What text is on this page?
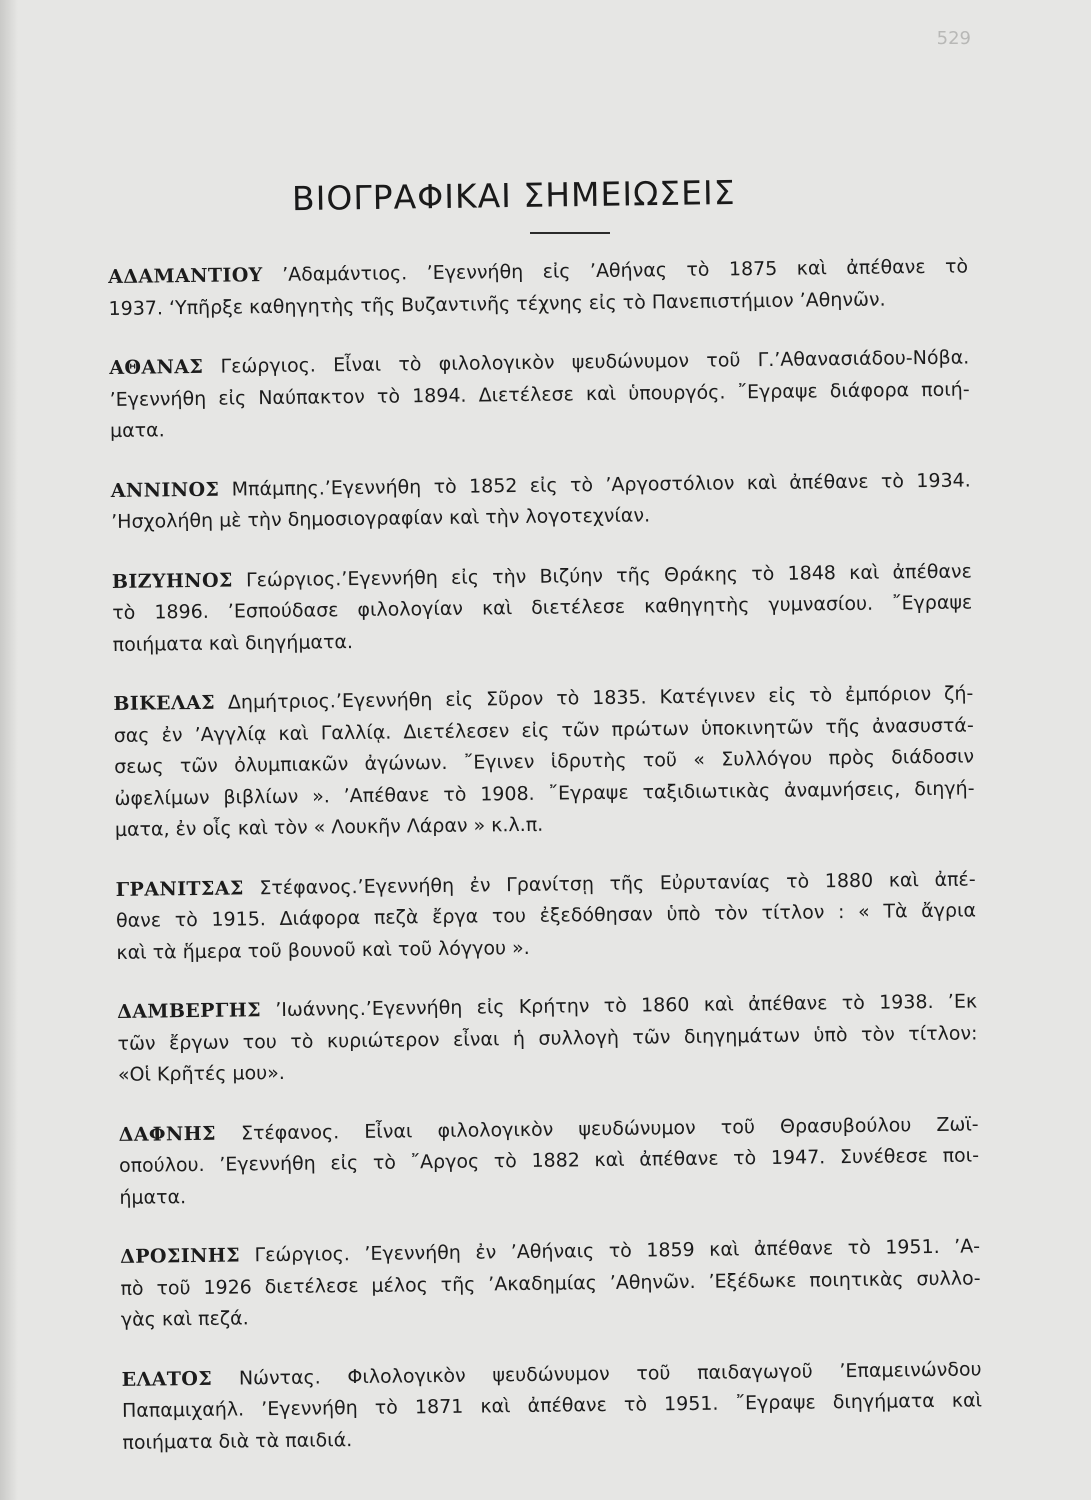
529
ΒΙΟΓΡΑΦΙΚΑΙ ΣΗΜΕΙΩΣΕΙΣ
ΑΔΑΜΑΝΤΙΟΥ ’Αδαμάντιος. ’Εγεννήθη εἰς ’Αθήνας τὸ 1875 καὶ ἀπέθανε τὸ
1937. ‘Υπῆρξε καθηγητὴς τῆς Βυζαντινῆς τέχνης εἰς τὸ Πανεπιστήμιον ’Αθηνῶν.
ΑΘΑΝΑΣ Γεώργιος. Εἶναι τὸ φιλολογικὸν ψευδώνυμον τοῦ Γ.’Αθανασιάδου-Νόβα.
’Εγεννήθη εἰς Ναύπακτον τὸ 1894. Διετέλεσε καὶ ὑπουργός. ῎Εγραψε διάφορα ποιή-
ματα.
ΑΝΝΙΝΟΣ Μπάμπης.’Εγεννήθη τὸ 1852 εἰς τὸ ’Αργοστόλιον καὶ ἀπέθανε τὸ 1934.
’Ησχολήθη μὲ τὴν δημοσιογραφίαν καὶ τὴν λογοτεχνίαν.
ΒΙΖΥΗΝΟΣ Γεώργιος.’Εγεννήθη εἰς τὴν Βιζύην τῆς Θράκης τὸ 1848 καὶ ἀπέθανε
τὸ 1896. ’Εσπούδασε φιλολογίαν καὶ διετέλεσε καθηγητὴς γυμνασίου. ῎Εγραψε
ποιήματα καὶ διηγήματα.
ΒΙΚΕΛΑΣ Δημήτριος.’Εγεννήθη εἰς Σῦρον τὸ 1835. Κατέγινεν εἰς τὸ ἐμπόριον ζή-
σας ἐν ’Αγγλίᾳ καὶ Γαλλίᾳ. Διετέλεσεν εἰς τῶν πρώτων ὑποκινητῶν τῆς ἀνασυστά-
σεως τῶν ὀλυμπιακῶν ἀγώνων. ῎Εγινεν ἱδρυτὴς τοῦ « Συλλόγου πρὸς διάδοσιν
ὠφελίμων βιβλίων ». ’Απέθανε τὸ 1908. ῎Εγραψε ταξιδιωτικὰς ἀναμνήσεις, διηγή-
ματα, ἐν οἷς καὶ τὸν « Λουκῆν Λάραν » κ.λ.π.
ΓΡΑΝΙΤΣΑΣ Στέφανος.’Εγεννήθη ἐν Γρανίτσῃ τῆς Εὐρυτανίας τὸ 1880 καὶ ἀπέ-
θανε τὸ 1915. Διάφορα πεζὰ ἔργα του ἐξεδόθησαν ὑπὸ τὸν τίτλον : « Τὰ ἄγρια
καὶ τὰ ἥμερα τοῦ βουνοῦ καὶ τοῦ λόγγου ».
ΔΑΜΒΕΡΓΗΣ ’Ιωάννης.’Εγεννήθη εἰς Κρήτην τὸ 1860 καὶ ἀπέθανε τὸ 1938. ’Εκ
τῶν ἔργων του τὸ κυριώτερον εἶναι ἡ συλλογὴ τῶν διηγημάτων ὑπὸ τὸν τίτλον:
«Οἱ Κρῆτές μου».
ΔΑΦΝΗΣ Στέφανος. Εἶναι φιλολογικὸν ψευδώνυμον τοῦ Θρασυβούλου Ζωϊ-
οπούλου. ’Εγεννήθη εἰς τὸ ῎Αργος τὸ 1882 καὶ ἀπέθανε τὸ 1947. Συνέθεσε ποι-
ήματα.
ΔΡΟΣΙΝΗΣ Γεώργιος. ’Εγεννήθη ἐν ’Αθήναις τὸ 1859 καὶ ἀπέθανε τὸ 1951. ’Α-
πὸ τοῦ 1926 διετέλεσε μέλος τῆς ’Ακαδημίας ’Αθηνῶν. ’Εξέδωκε ποιητικὰς συλλο-
γὰς καὶ πεζά.
ΕΛΑΤΟΣ Νώντας. Φιλολογικὸν ψευδώνυμον τοῦ παιδαγωγοῦ ’Επαμεινώνδου
Παπαμιχαήλ. ’Εγεννήθη τὸ 1871 καὶ ἀπέθανε τὸ 1951. ῎Εγραψε διηγήματα καὶ
ποιήματα διὰ τὰ παιδιά.
